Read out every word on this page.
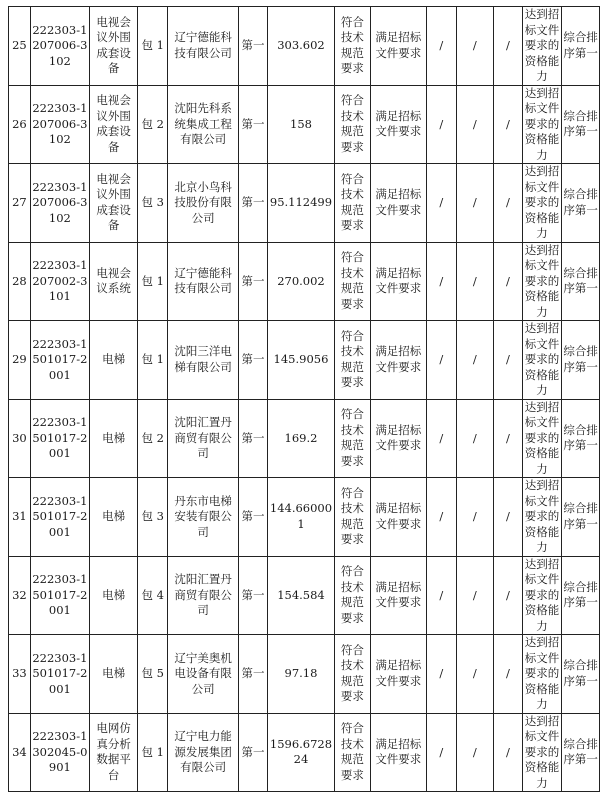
25	222303-1207006-3102	电视会议外围成套设备	包 1	辽宁德能科技有限公司	第一	303.602	符合技术规范要求	满足招标文件要求	/	/	/	达到招标文件要求的资格能力	综合排序第一
26	222303-1207006-3102	电视会议外围成套设备	包 2	沈阳先科系统集成工程有限公司	第一	158	符合技术规范要求	满足招标文件要求	/	/	/	达到招标文件要求的资格能力	综合排序第一
27	222303-1207006-3102	电视会议外围成套设备	包 3	北京小鸟科技股份有限公司	第一	95.112499	符合技术规范要求	满足招标文件要求	/	/	/	达到招标文件要求的资格能力	综合排序第一
28	222303-1207002-3101	电视会议系统	包 1	辽宁德能科技有限公司	第一	270.002	符合技术规范要求	满足招标文件要求	/	/	/	达到招标文件要求的资格能力	综合排序第一
29	222303-1501017-2001	电梯	包 1	沈阳三洋电梯有限公司	第一	145.9056	符合技术规范要求	满足招标文件要求	/	/	/	达到招标文件要求的资格能力	综合排序第一
30	222303-1501017-2001	电梯	包 2	沈阳汇置丹商贸有限公司	第一	169.2	符合技术规范要求	满足招标文件要求	/	/	/	达到招标文件要求的资格能力	综合排序第一
31	222303-1501017-2001	电梯	包 3	丹东市电梯安装有限公司	第一	144.660001	符合技术规范要求	满足招标文件要求	/	/	/	达到招标文件要求的资格能力	综合排序第一
32	222303-1501017-2001	电梯	包 4	沈阳汇置丹商贸有限公司	第一	154.584	符合技术规范要求	满足招标文件要求	/	/	/	达到招标文件要求的资格能力	综合排序第一
33	222303-1501017-2001	电梯	包 5	辽宁美奥机电设备有限公司	第一	97.18	符合技术规范要求	满足招标文件要求	/	/	/	达到招标文件要求的资格能力	综合排序第一
34	222303-1302045-0901	电网仿真分析数据平台	包 1	辽宁电力能源发展集团有限公司	第一	1596.672824	符合技术规范要求	满足招标文件要求	/	/	/	达到招标文件要求的资格能力	综合排序第一
